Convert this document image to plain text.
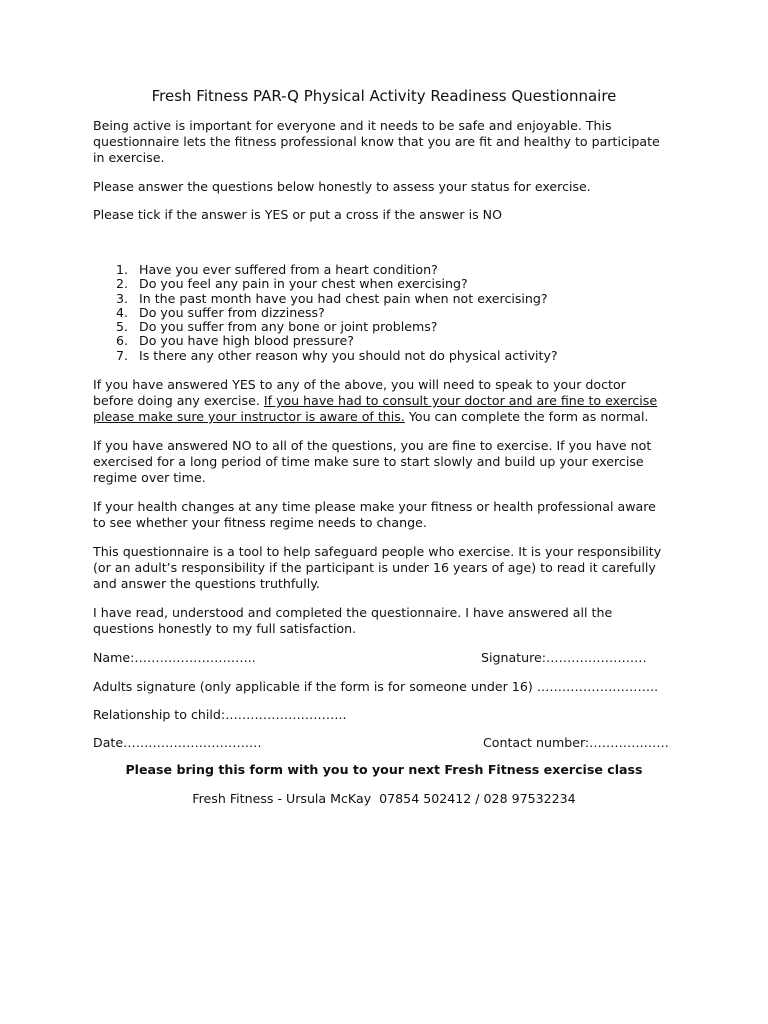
Fresh Fitness PAR-Q Physical Activity Readiness Questionnaire

Being active is important for everyone and it needs to be safe and enjoyable. This
questionnaire lets the fitness professional know that you are fit and healthy to participate
in exercise.

Please answer the questions below honestly to assess your status for exercise.

Please tick if the answer is YES or put a cross if the answer is NO

1. Have you ever suffered from a heart condition?
2. Do you feel any pain in your chest when exercising?
3. In the past month have you had chest pain when not exercising?
4. Do you suffer from dizziness?
5. Do you suffer from any bone or joint problems?
6. Do you have high blood pressure?
7. Is there any other reason why you should not do physical activity?

If you have answered YES to any of the above, you will need to speak to your doctor
before doing any exercise. If you have had to consult your doctor and are fine to exercise
please make sure your instructor is aware of this. You can complete the form as normal.

If you have answered NO to all of the questions, you are fine to exercise. If you have not
exercised for a long period of time make sure to start slowly and build up your exercise
regime over time.

If your health changes at any time please make your fitness or health professional aware
to see whether your fitness regime needs to change.

This questionnaire is a tool to help safeguard people who exercise. It is your responsibility
(or an adult’s responsibility if the participant is under 16 years of age) to read it carefully
and answer the questions truthfully.

I have read, understood and completed the questionnaire. I have answered all the
questions honestly to my full satisfaction.

Name:………………………..	Signature:……………………
Adults signature (only applicable if the form is for someone under 16) ………………………..
Relationship to child:………………………..
Date……………………………	Contact number:……………….
Please bring this form with you to your next Fresh Fitness exercise class
Fresh Fitness - Ursula McKay  07854 502412 / 028 97532234
